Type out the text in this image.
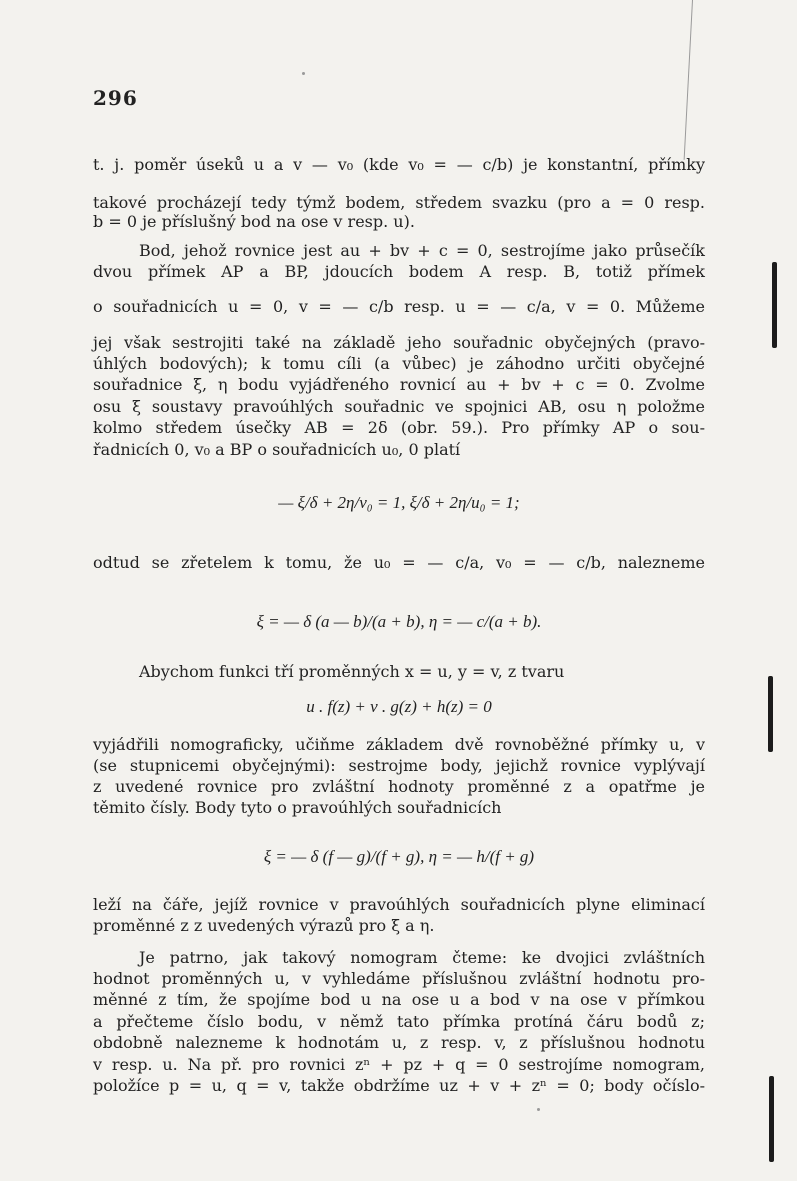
296
t. j. poměr úseků u a v — v₀ (kde v₀ = — c/b) je konstantní, přímky
takové procházejí tedy týmž bodem, středem svazku (pro a = 0 resp.
b = 0 je příslušný bod na ose v resp. u).
Bod, jehož rovnice jest au + bv + c = 0, sestrojíme jako průsečík
dvou přímek AP a BP, jdoucích bodem A resp. B, totiž přímek
o souřadnicích u = 0, v = — c/b resp. u = — c/a, v = 0. Můžeme
jej však sestrojiti také na základě jeho souřadnic obyčejných (pravo-
úhlých bodových); k tomu cíli (a vůbec) je záhodno určiti obyčejné
souřadnice ξ, η bodu vyjádřeného rovnicí au + bv + c = 0. Zvolme
osu ξ soustavy pravoúhlých souřadnic ve spojnici AB, osu η položme
kolmo středem úsečky AB = 2δ (obr. 59.). Pro přímky AP o sou-
řadnicích 0, v₀ a BP o souřadnicích u₀, 0 platí
— ξ/δ + 2η/v₀ = 1, ξ/δ + 2η/u₀ = 1;
odtud se zřetelem k tomu, že u₀ = — c/a, v₀ = — c/b, nalezneme
ξ = — δ (a — b)/(a + b), η = — c/(a + b).
Abychom funkci tří proměnných x = u, y = v, z tvaru
u . f(z) + v . g(z) + h(z) = 0
vyjádřili nomograficky, učiňme základem dvě rovnoběžné přímky u, v
(se stupnicemi obyčejnými): sestrojme body, jejichž rovnice vyplývají
z uvedené rovnice pro zvláštní hodnoty proměnné z a opatřme je
těmito čísly. Body tyto o pravoúhlých souřadnicích
ξ = — δ (f — g)/(f + g), η = — h/(f + g)
leží na čáře, jejíž rovnice v pravoúhlých souřadnicích plyne eliminací
proměnné z z uvedených výrazů pro ξ a η.
Je patrno, jak takový nomogram čteme: ke dvojici zvláštních
hodnot proměnných u, v vyhledáme příslušnou zvláštní hodnotu pro-
měnné z tím, že spojíme bod u na ose u a bod v na ose v přímkou
a přečteme číslo bodu, v němž tato přímka protíná čáru bodů z;
obdobně nalezneme k hodnotám u, z resp. v, z příslušnou hodnotu
v resp. u. Na př. pro rovnici zⁿ + pz + q = 0 sestrojíme nomogram,
položíce p = u, q = v, takže obdržíme uz + v + zⁿ = 0; body očíslo-
